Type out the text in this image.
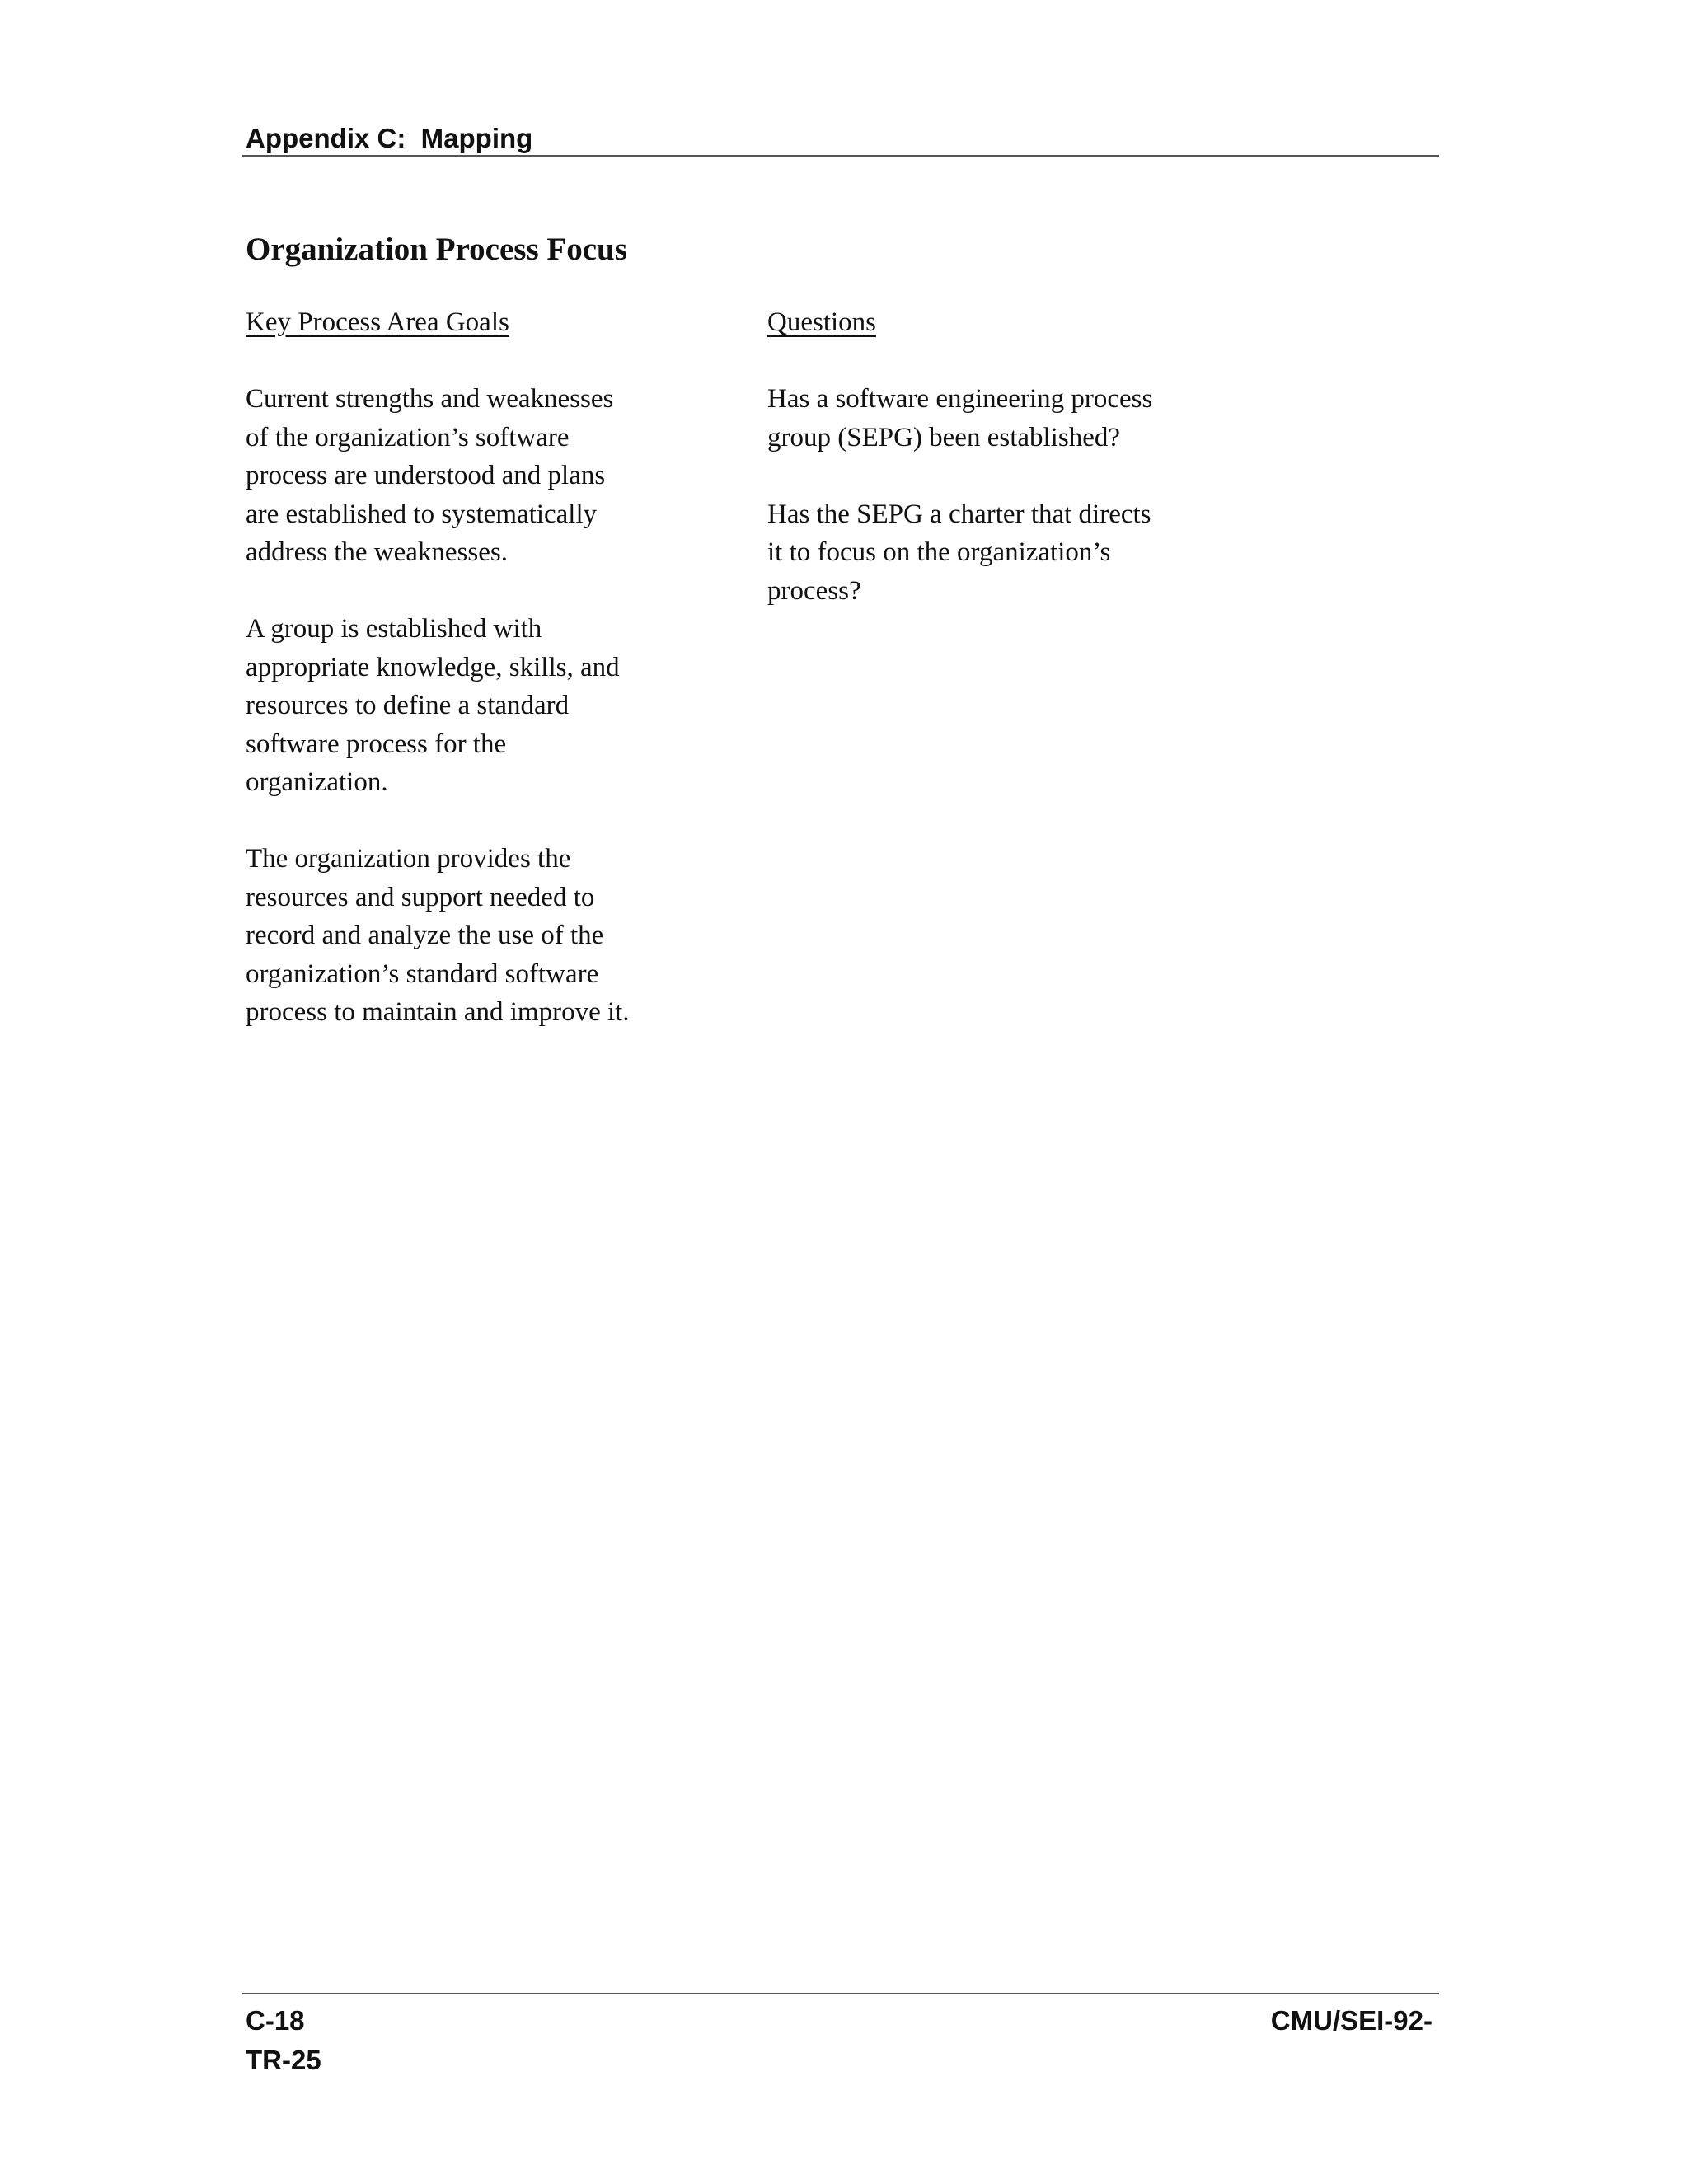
Appendix C:  Mapping
Organization Process Focus
Key Process Area Goals
Current strengths and weaknesses
of the organization’s software
process are understood and plans
are established to systematically
address the weaknesses.
A group is established with
appropriate knowledge, skills, and
resources to define a standard
software process for the
organization.
The organization provides the
resources and support needed to
record and analyze the use of the
organization’s standard software
process to maintain and improve it.
Questions
Has a software engineering process
group (SEPG) been established?
Has the SEPG a charter that directs
it to focus on the organization’s
process?
C-18
TR-25
CMU/SEI-92-
